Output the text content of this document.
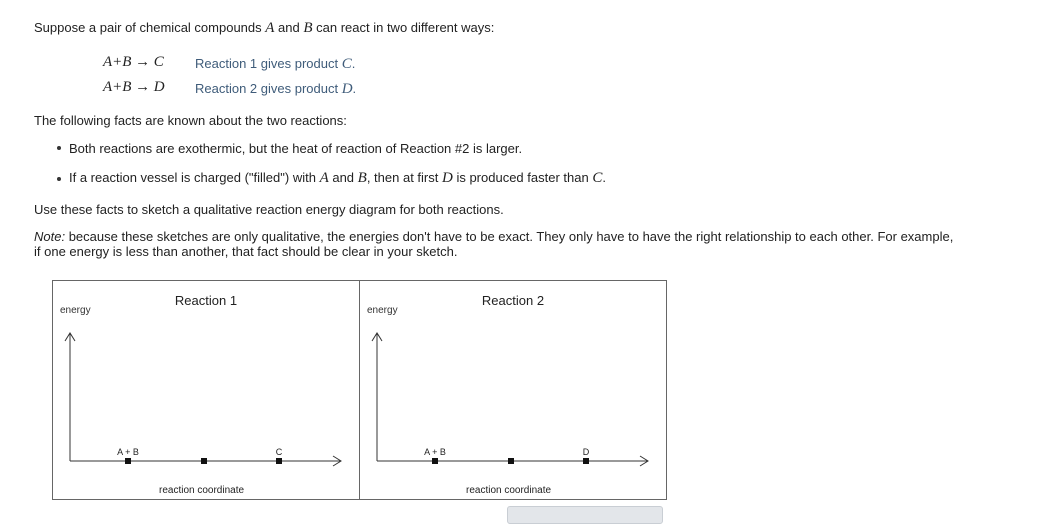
Suppose a pair of chemical compounds A and B can react in two different ways:
A+B → C Reaction 1 gives product C.
A+B → D Reaction 2 gives product D.
The following facts are known about the two reactions:
Both reactions are exothermic, but the heat of reaction of Reaction #2 is larger.
If a reaction vessel is charged ("filled") with A and B, then at first D is produced faster than C.
Use these facts to sketch a qualitative reaction energy diagram for both reactions.
Note: because these sketches are only qualitative, the energies don't have to be exact. They only have to have the right relationship to each other. For example,
if one energy is less than another, that fact should be clear in your sketch.
Reaction 1
energy
A + B	C
reaction coordinate
Reaction 2
energy
A + B	D
reaction coordinate
